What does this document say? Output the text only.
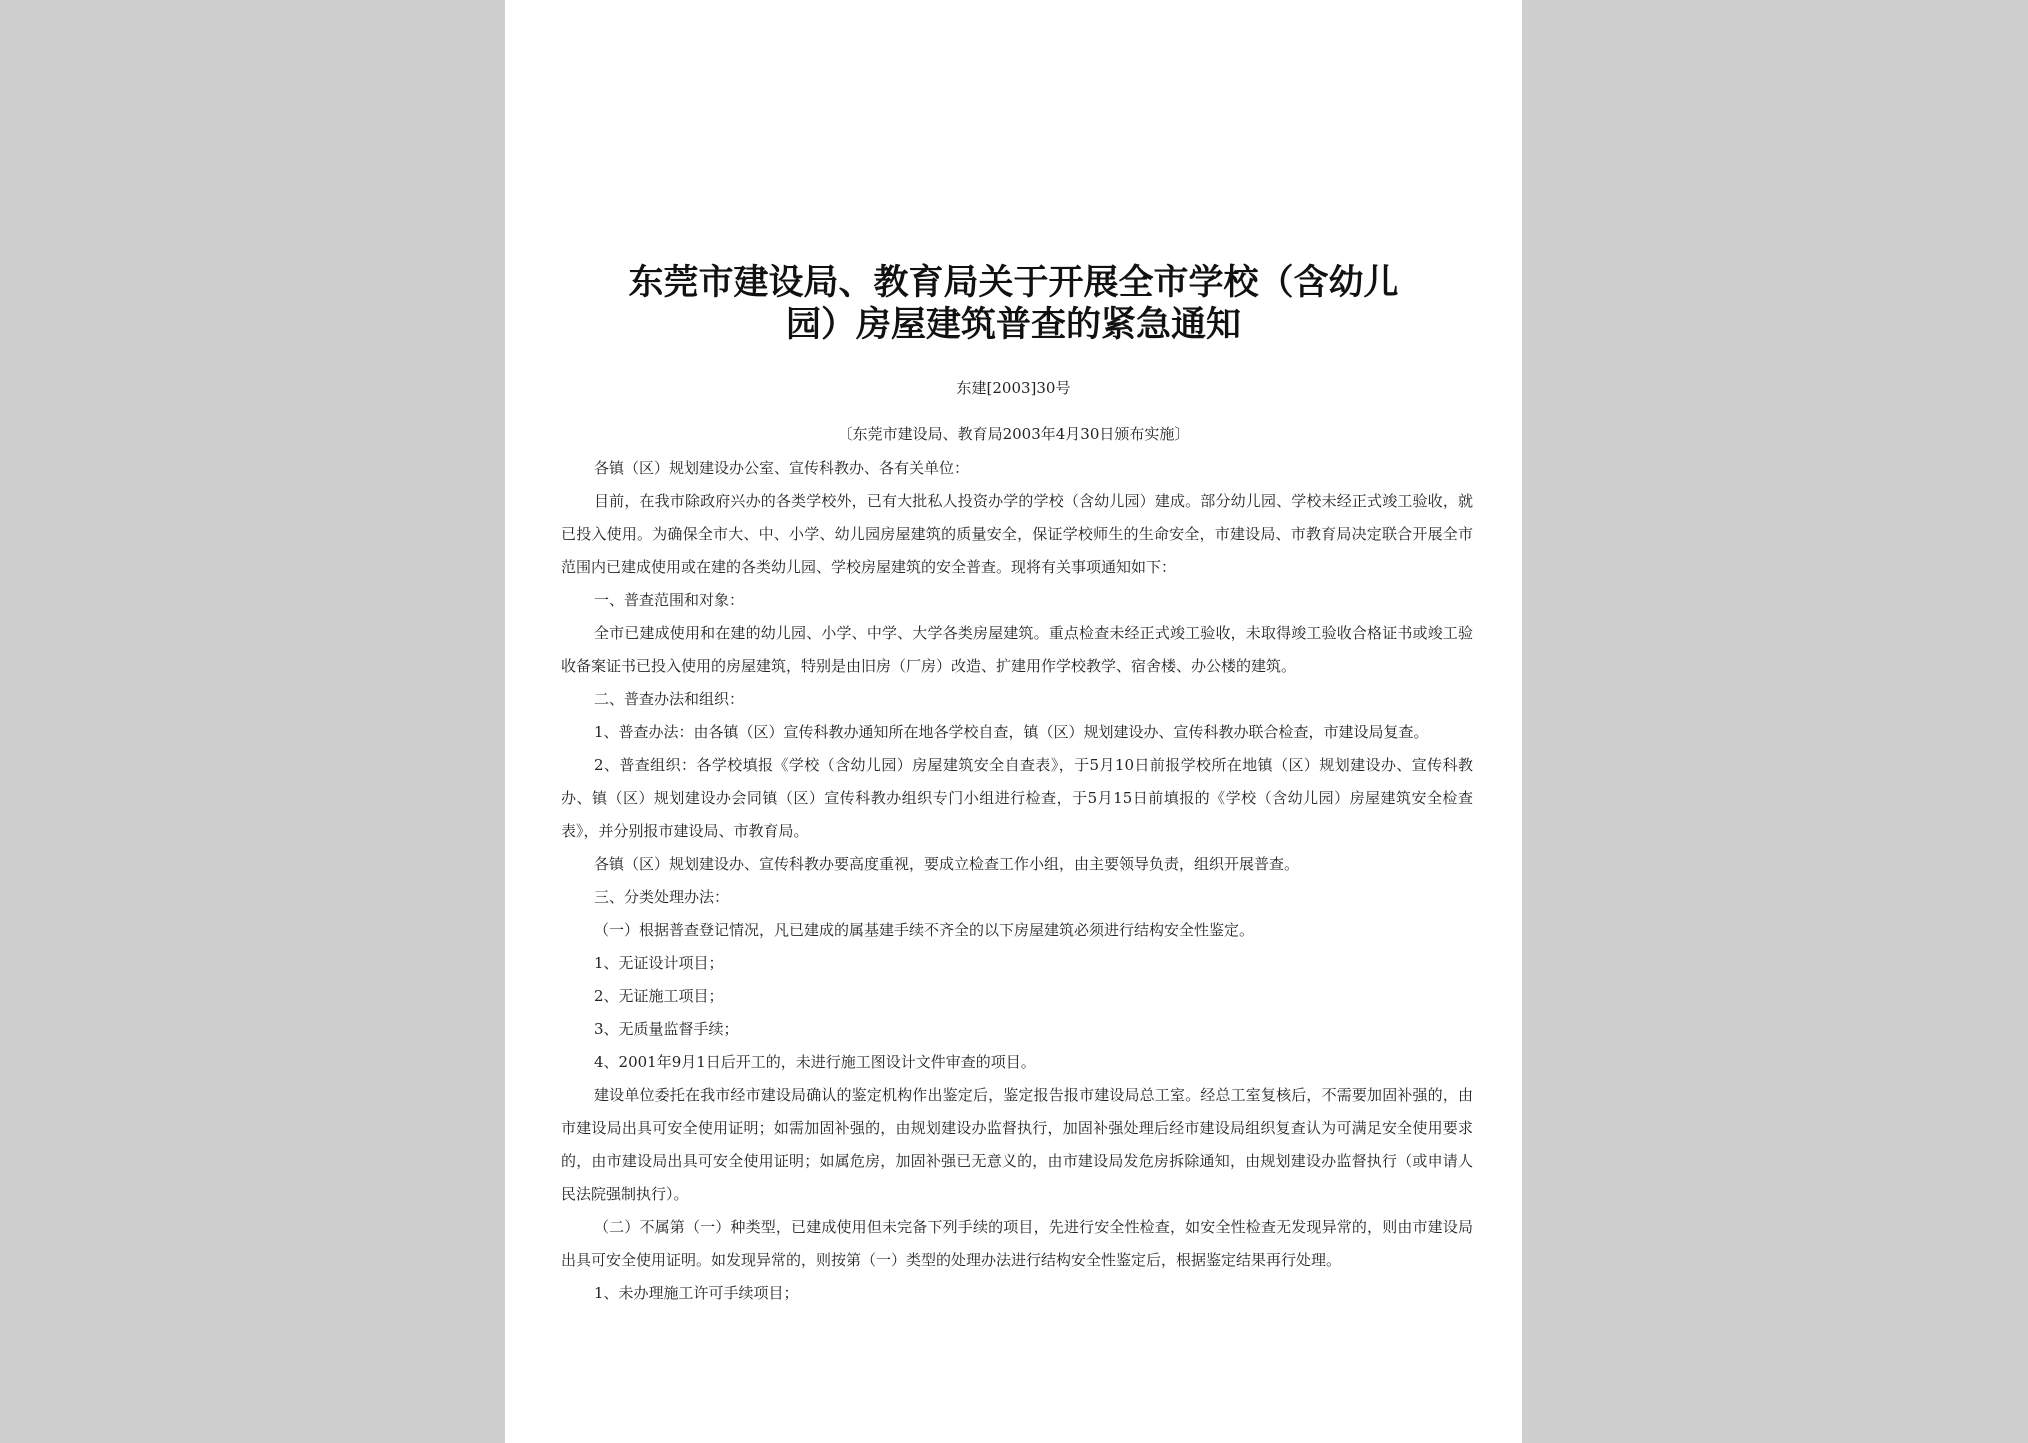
东莞市建设局、教育局关于开展全市学校（含幼儿
园）房屋建筑普查的紧急通知
东建[2003]30号
〔东莞市建设局、教育局2003年4月30日颁布实施〕

各镇（区）规划建设办公室、宣传科教办、各有关单位：

目前，在我市除政府兴办的各类学校外，已有大批私人投资办学的学校（含幼儿园）建成。部分幼儿园、学校未经正式竣工验收，就已投入使用。为确保全市大、中、小学、幼儿园房屋建筑的质量安全，保证学校师生的生命安全，市建设局、市教育局决定联合开展全市范围内已建成使用或在建的各类幼儿园、学校房屋建筑的安全普查。现将有关事项通知如下：

一、普查范围和对象：

全市已建成使用和在建的幼儿园、小学、中学、大学各类房屋建筑。重点检查未经正式竣工验收，未取得竣工验收合格证书或竣工验收备案证书已投入使用的房屋建筑，特别是由旧房（厂房）改造、扩建用作学校教学、宿舍楼、办公楼的建筑。

二、普查办法和组织：

1、普查办法：由各镇（区）宣传科教办通知所在地各学校自查，镇（区）规划建设办、宣传科教办联合检查，市建设局复查。

2、普查组织：各学校填报《学校（含幼儿园）房屋建筑安全自查表》，于5月10日前报学校所在地镇（区）规划建设办、宣传科教办、镇（区）规划建设办会同镇（区）宣传科教办组织专门小组进行检查，于5月15日前填报的《学校（含幼儿园）房屋建筑安全检查表》，并分别报市建设局、市教育局。

各镇（区）规划建设办、宣传科教办要高度重视，要成立检查工作小组，由主要领导负责，组织开展普查。

三、分类处理办法：

（一）根据普查登记情况，凡已建成的属基建手续不齐全的以下房屋建筑必须进行结构安全性鉴定。

1、无证设计项目；

2、无证施工项目；

3、无质量监督手续；

4、2001年9月1日后开工的，未进行施工图设计文件审查的项目。

建设单位委托在我市经市建设局确认的鉴定机构作出鉴定后，鉴定报告报市建设局总工室。经总工室复核后，不需要加固补强的，由市建设局出具可安全使用证明；如需加固补强的，由规划建设办监督执行，加固补强处理后经市建设局组织复查认为可满足安全使用要求的，由市建设局出具可安全使用证明；如属危房，加固补强已无意义的，由市建设局发危房拆除通知，由规划建设办监督执行（或申请人民法院强制执行）。

（二）不属第（一）种类型，已建成使用但未完备下列手续的项目，先进行安全性检查，如安全性检查无发现异常的，则由市建设局出具可安全使用证明。如发现异常的，则按第（一）类型的处理办法进行结构安全性鉴定后，根据鉴定结果再行处理。

1、未办理施工许可手续项目；
